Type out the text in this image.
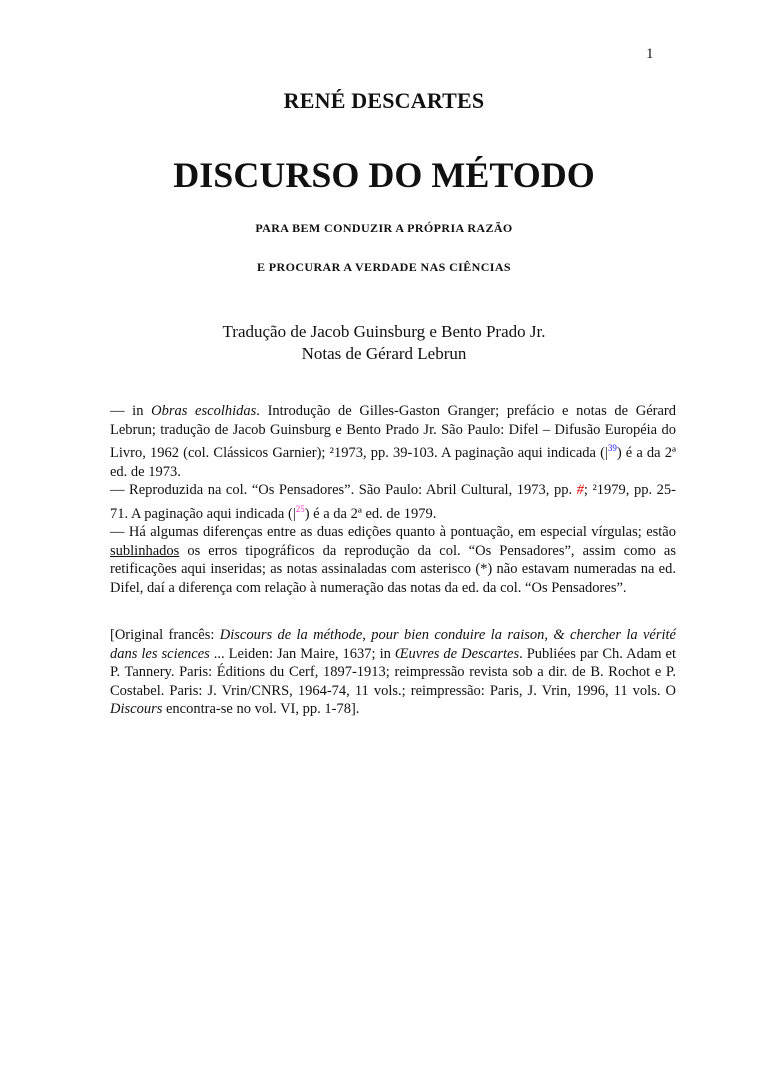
1
RENÉ DESCARTES
DISCURSO DO MÉTODO
PARA BEM CONDUZIR A PRÓPRIA RAZÃO
E PROCURAR A VERDADE NAS CIÊNCIAS
Tradução de Jacob Guinsburg e Bento Prado Jr.
Notas de Gérard Lebrun

— in Obras escolhidas. Introdução de Gilles-Gaston Granger; prefácio e notas de Gérard Lebrun; tradução de Jacob Guinsburg e Bento Prado Jr. São Paulo: Difel – Difusão Européia do Livro, 1962 (col. Clássicos Garnier); ²1973, pp. 39-103. A paginação aqui indicada (|$^{39}$) é a da 2ª ed. de 1973.

— Reproduzida na col. “Os Pensadores”. São Paulo: Abril Cultural, 1973, pp. #; ²1979, pp. 25-71. A paginação aqui indicada (|$^{25}$) é a da 2ª ed. de 1979.

— Há algumas diferenças entre as duas edições quanto à pontuação, em especial vírgulas; estão sublinhados os erros tipográficos da reprodução da col. “Os Pensadores”, assim como as retificações aqui inseridas; as notas assinaladas com asterisco (*) não estavam numeradas na ed. Difel, daí a diferença com relação à numeração das notas da ed. da col. “Os Pensadores”.

[Original francês: Discours de la méthode, pour bien conduire la raison, & chercher la vérité dans les sciences ... Leiden: Jan Maire, 1637; in Œuvres de Descartes. Publiées par Ch. Adam et P. Tannery. Paris: Éditions du Cerf, 1897-1913; reimpressão revista sob a dir. de B. Rochot e P. Costabel. Paris: J. Vrin/CNRS, 1964-74, 11 vols.; reimpressão: Paris, J. Vrin, 1996, 11 vols. O Discours encontra-se no vol. VI, pp. 1-78].
